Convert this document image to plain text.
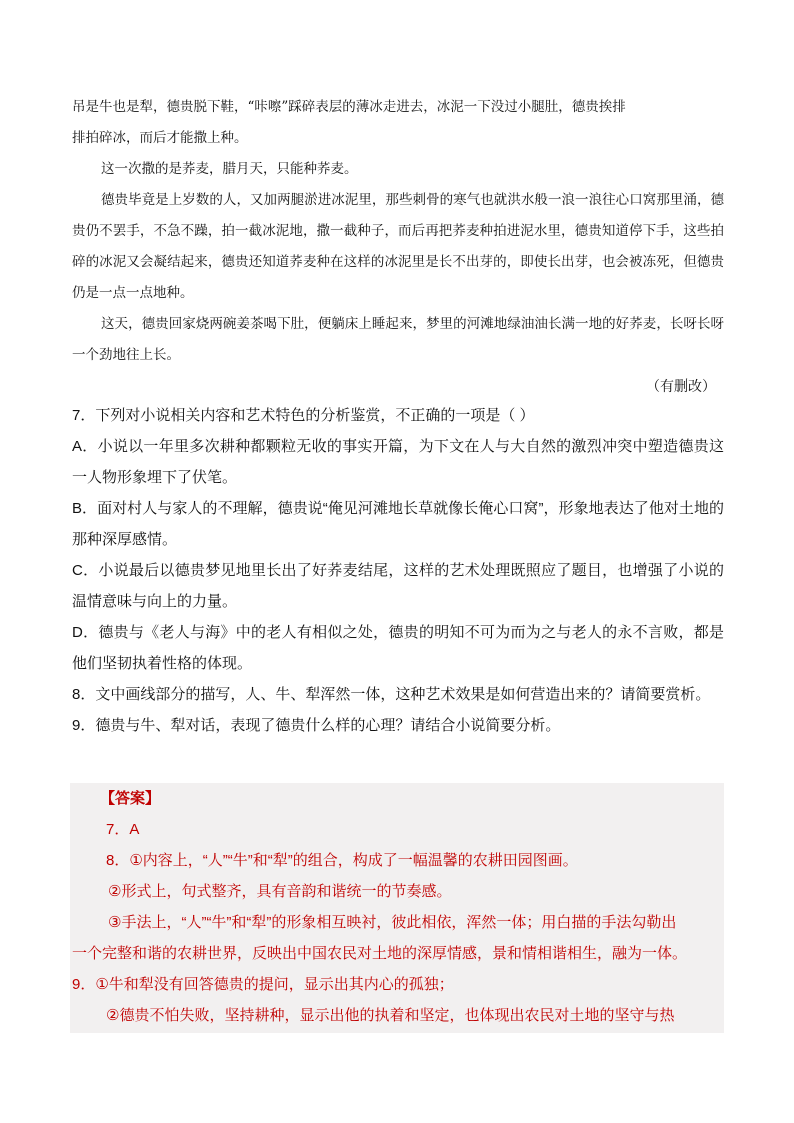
吊是牛也是犁，德贵脱下鞋，“咔嚓”踩碎表层的薄冰走进去，冰泥一下没过小腿肚，德贵挨排

排拍碎冰，而后才能撒上种。

这一次撒的是荞麦，腊月天，只能种荞麦。

德贵毕竟是上岁数的人，又加两腿淤进冰泥里，那些刺骨的寒气也就洪水般一浪一浪往心口窝那里涌，德贵仍不罢手，不急不躁，拍一截冰泥地，撒一截种子，而后再把荞麦种拍进泥水里，德贵知道停下手，这些拍碎的冰泥又会凝结起来，德贵还知道荞麦种在这样的冰泥里是长不出芽的，即使长出芽，也会被冻死，但德贵仍是一点一点地种。

这天，德贵回家烧两碗姜茶喝下肚，便躺床上睡起来，梦里的河滩地绿油油长满一地的好荞麦，长呀长呀一个劲地往上长。

（有删改）

7．下列对小说相关内容和艺术特色的分析鉴赏，不正确的一项是（ ）

A．小说以一年里多次耕种都颗粒无收的事实开篇，为下文在人与大自然的激烈冲突中塑造德贵这一人物形象埋下了伏笔。

B．面对村人与家人的不理解，德贵说“俺见河滩地长草就像长俺心口窝”，形象地表达了他对土地的那种深厚感情。

C．小说最后以德贵梦见地里长出了好荞麦结尾，这样的艺术处理既照应了题目，也增强了小说的温情意味与向上的力量。

D．德贵与《老人与海》中的老人有相似之处，德贵的明知不可为而为之与老人的永不言败，都是他们坚韧执着性格的体现。

8．文中画线部分的描写，人、牛、犁浑然一体，这种艺术效果是如何营造出来的？请简要赏析。

9．德贵与牛、犁对话，表现了德贵什么样的心理？请结合小说简要分析。

【答案】

7．A

8．①内容上，“人”“牛”和“犁”的组合，构成了一幅温馨的农耕田园图画。

②形式上，句式整齐，具有音韵和谐统一的节奏感。

③手法上，“人”“牛”和“犁”的形象相互映衬，彼此相依，浑然一体；用白描的手法勾勒出

一个完整和谐的农耕世界，反映出中国农民对土地的深厚情感，景和情相谐相生，融为一体。

9．①牛和犁没有回答德贵的提问，显示出其内心的孤独；

②德贵不怕失败，坚持耕种，显示出他的执着和坚定，也体现出农民对土地的坚守与热
